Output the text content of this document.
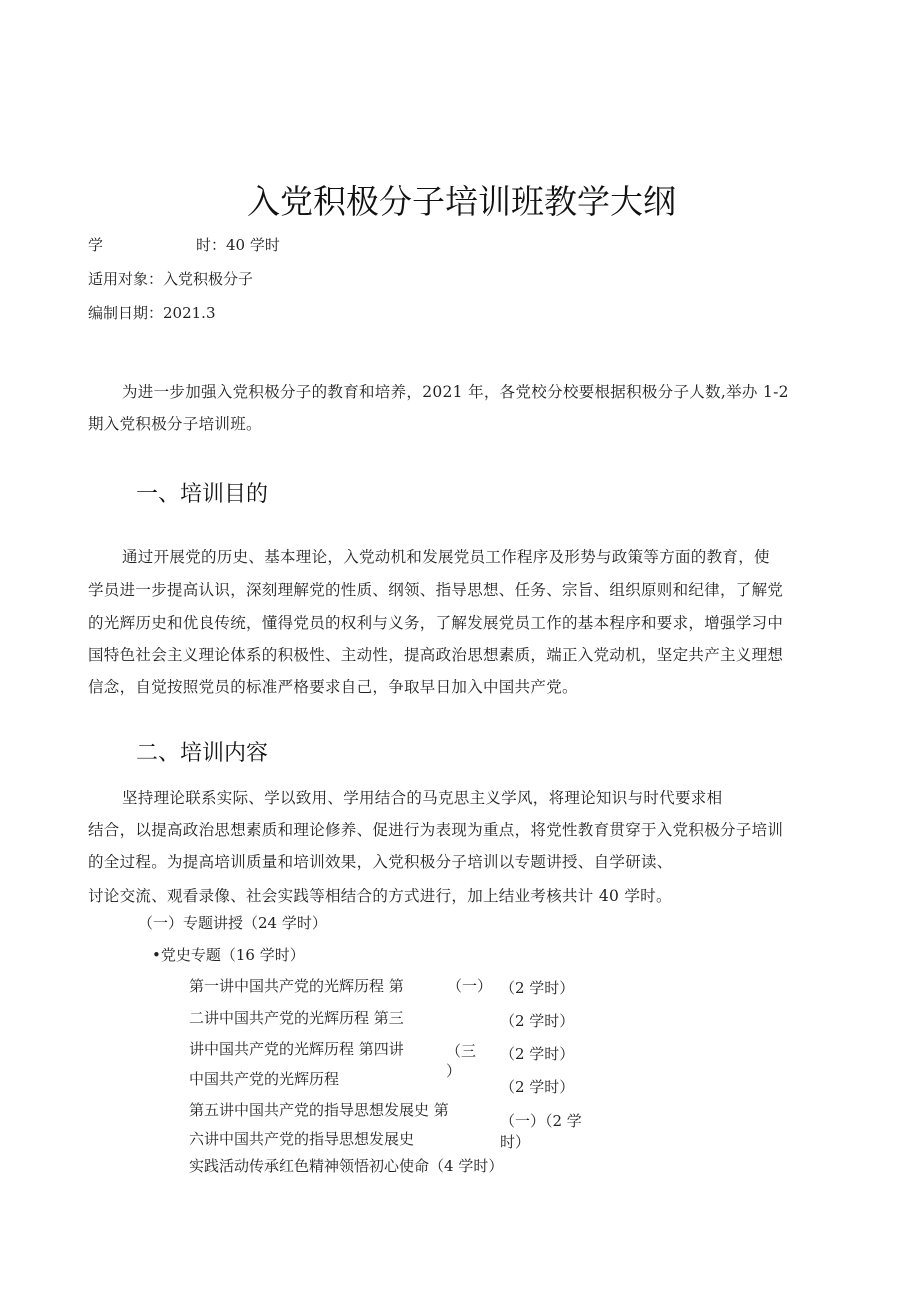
入党积极分子培训班教学大纲
学	时：40 学时
适用对象：入党积极分子
编制日期：2021.3
为进一步加强入党积极分子的教育和培养，2021 年，各党校分校要根据积极分子人数,举办 1-2
期入党积极分子培训班。
一、培训目的
通过开展党的历史、基本理论，入党动机和发展党员工作程序及形势与政策等方面的教育，使
学员进一步提高认识，深刻理解党的性质、纲领、指导思想、任务、宗旨、组织原则和纪律，了解党
的光辉历史和优良传统，懂得党员的权利与义务，了解发展党员工作的基本程序和要求，增强学习中
国特色社会主义理论体系的积极性、主动性，提高政治思想素质，端正入党动机，坚定共产主义理想
信念，自觉按照党员的标准严格要求自己，争取早日加入中国共产党。
二、培训内容
坚持理论联系实际、学以致用、学用结合的马克思主义学风，将理论知识与时代要求相
结合，以提高政治思想素质和理论修养、促进行为表现为重点，将党性教育贯穿于入党积极分子培训
的全过程。为提高培训质量和培训效果，入党积极分子培训以专题讲授、自学研读、
讨论交流、观看录像、社会实践等相结合的方式进行，加上结业考核共计 40 学时。
（一）专题讲授（24 学时）
•党史专题（16 学时）
第一讲中国共产党的光辉历程 第
二讲中国共产党的光辉历程 第三
讲中国共产党的光辉历程 第四讲
中国共产党的光辉历程
第五讲中国共产党的指导思想发展史 第
六讲中国共产党的指导思想发展史
实践活动传承红色精神领悟初心使命（4 学时）
（一）
（三
）
（2 学时）
（2 学时）
（2 学时）
（2 学时）
（一）（2 学
时）
